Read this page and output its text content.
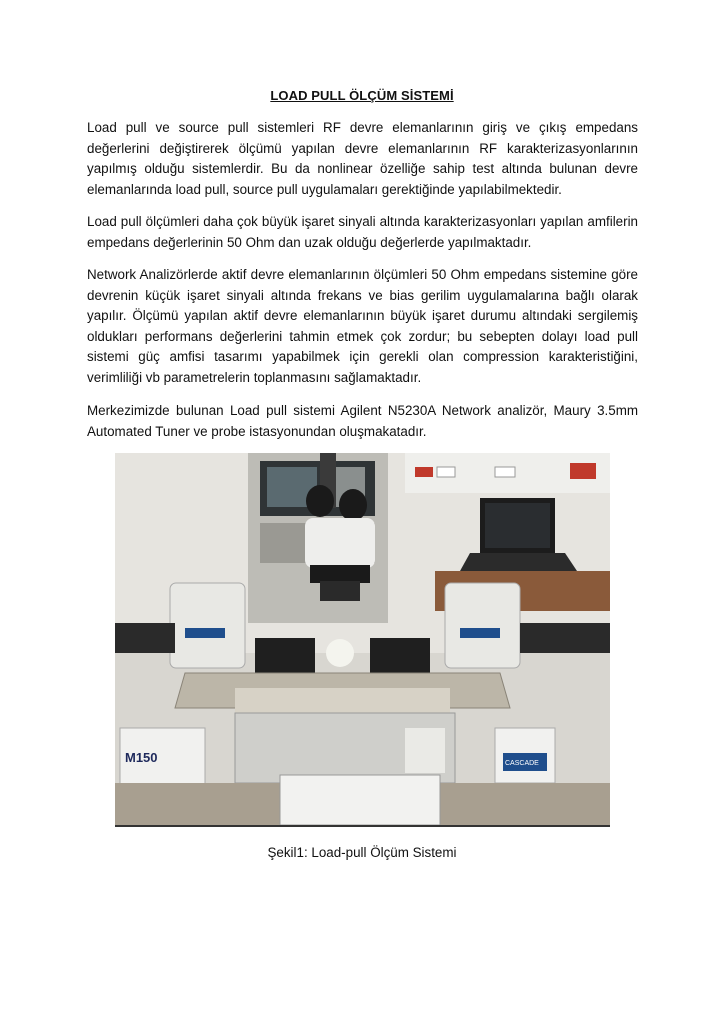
LOAD PULL ÖLÇÜM SİSTEMİ

Load pull ve source pull sistemleri RF devre elemanlarının giriş ve çıkış empedans değerlerini değiştirerek ölçümü yapılan devre elemanlarının RF karakterizasyonlarının yapılmış olduğu sistemlerdir. Bu da nonlinear özelliğe sahip test altında bulunan devre elemanlarında load pull, source pull uygulamaları gerektiğinde yapılabilmektedir.

Load pull ölçümleri daha çok büyük işaret sinyali altında karakterizasyonları yapılan amfilerin empedans değerlerinin 50 Ohm dan uzak olduğu değerlerde yapılmaktadır.

Network Analizörlerde aktif devre elemanlarının ölçümleri 50 Ohm empedans sistemine göre devrenin küçük işaret sinyali altında frekans ve bias gerilim uygulamalarına bağlı olarak yapılır. Ölçümü yapılan aktif devre elemanlarının büyük işaret durumu altındaki sergilemiş oldukları performans değerlerini tahmin etmek çok zordur; bu sebepten dolayı load pull sistemi güç amfisi tasarımı yapabilmek için gerekli olan compression karakteristiğini, verimliliği vb parametrelerin toplanmasını sağlamaktadır.

Merkezimizde bulunan Load pull sistemi Agilent N5230A Network analizör, Maury 3.5mm Automated Tuner ve probe istasyonundan oluşmakatadır.

M150	CASCADE
Şekil1: Load-pull Ölçüm Sistemi
